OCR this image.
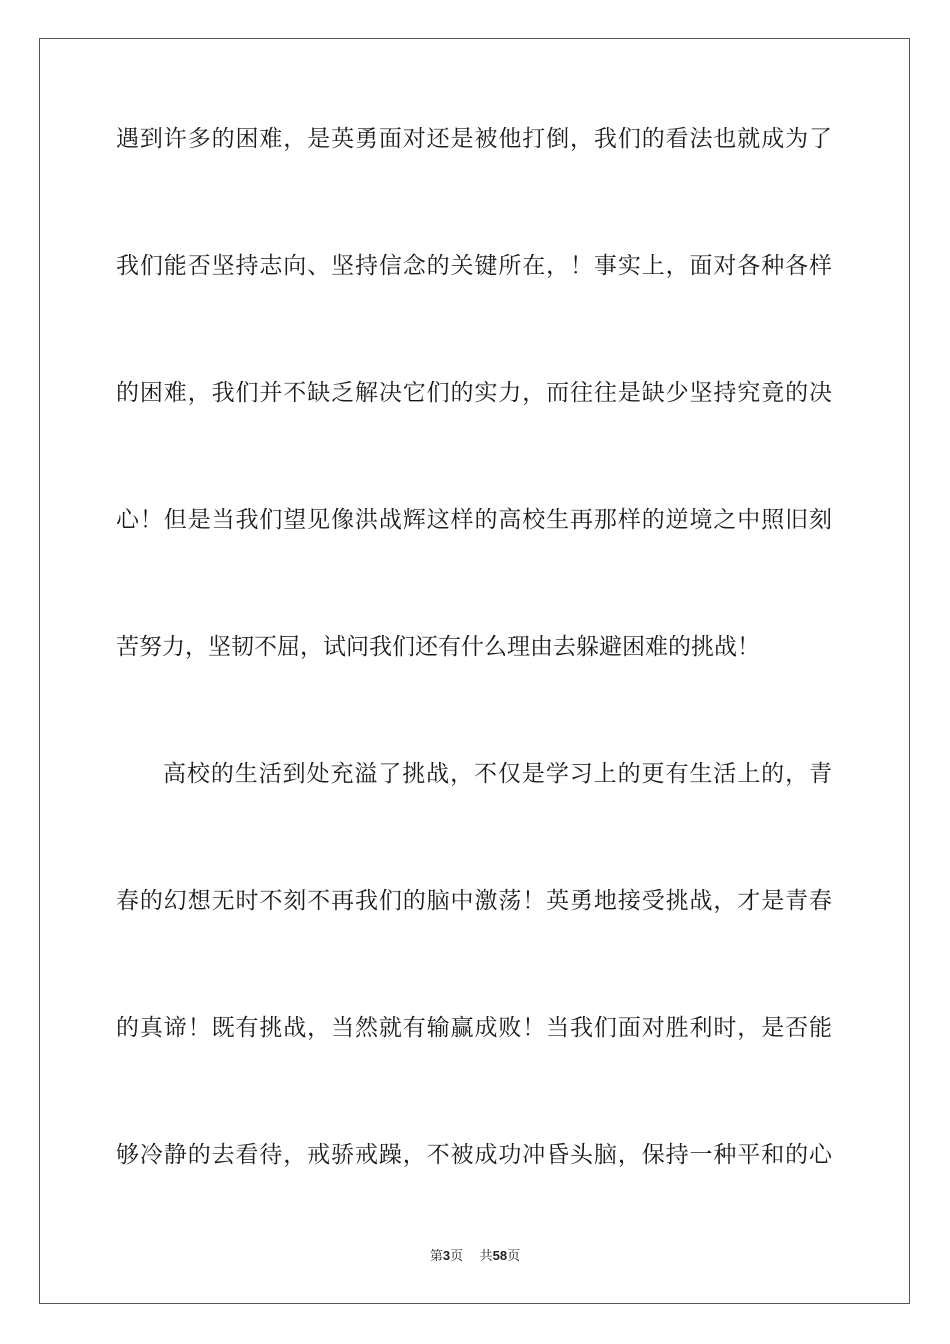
遇到许多的困难，是英勇面对还是被他打倒，我们的看法也就成为了
我们能否坚持志向、坚持信念的关键所在，！事实上，面对各种各样
的困难，我们并不缺乏解决它们的实力，而往往是缺少坚持究竟的决
心！但是当我们望见像洪战辉这样的高校生再那样的逆境之中照旧刻
苦努力，坚韧不屈，试问我们还有什么理由去躲避困难的挑战！
高校的生活到处充溢了挑战，不仅是学习上的更有生活上的，青
春的幻想无时不刻不再我们的脑中激荡！英勇地接受挑战，才是青春
的真谛！既有挑战，当然就有输赢成败！当我们面对胜利时，是否能
够冷静的去看待，戒骄戒躁，不被成功冲昏头脑，保持一种平和的心
第3页 共58页
